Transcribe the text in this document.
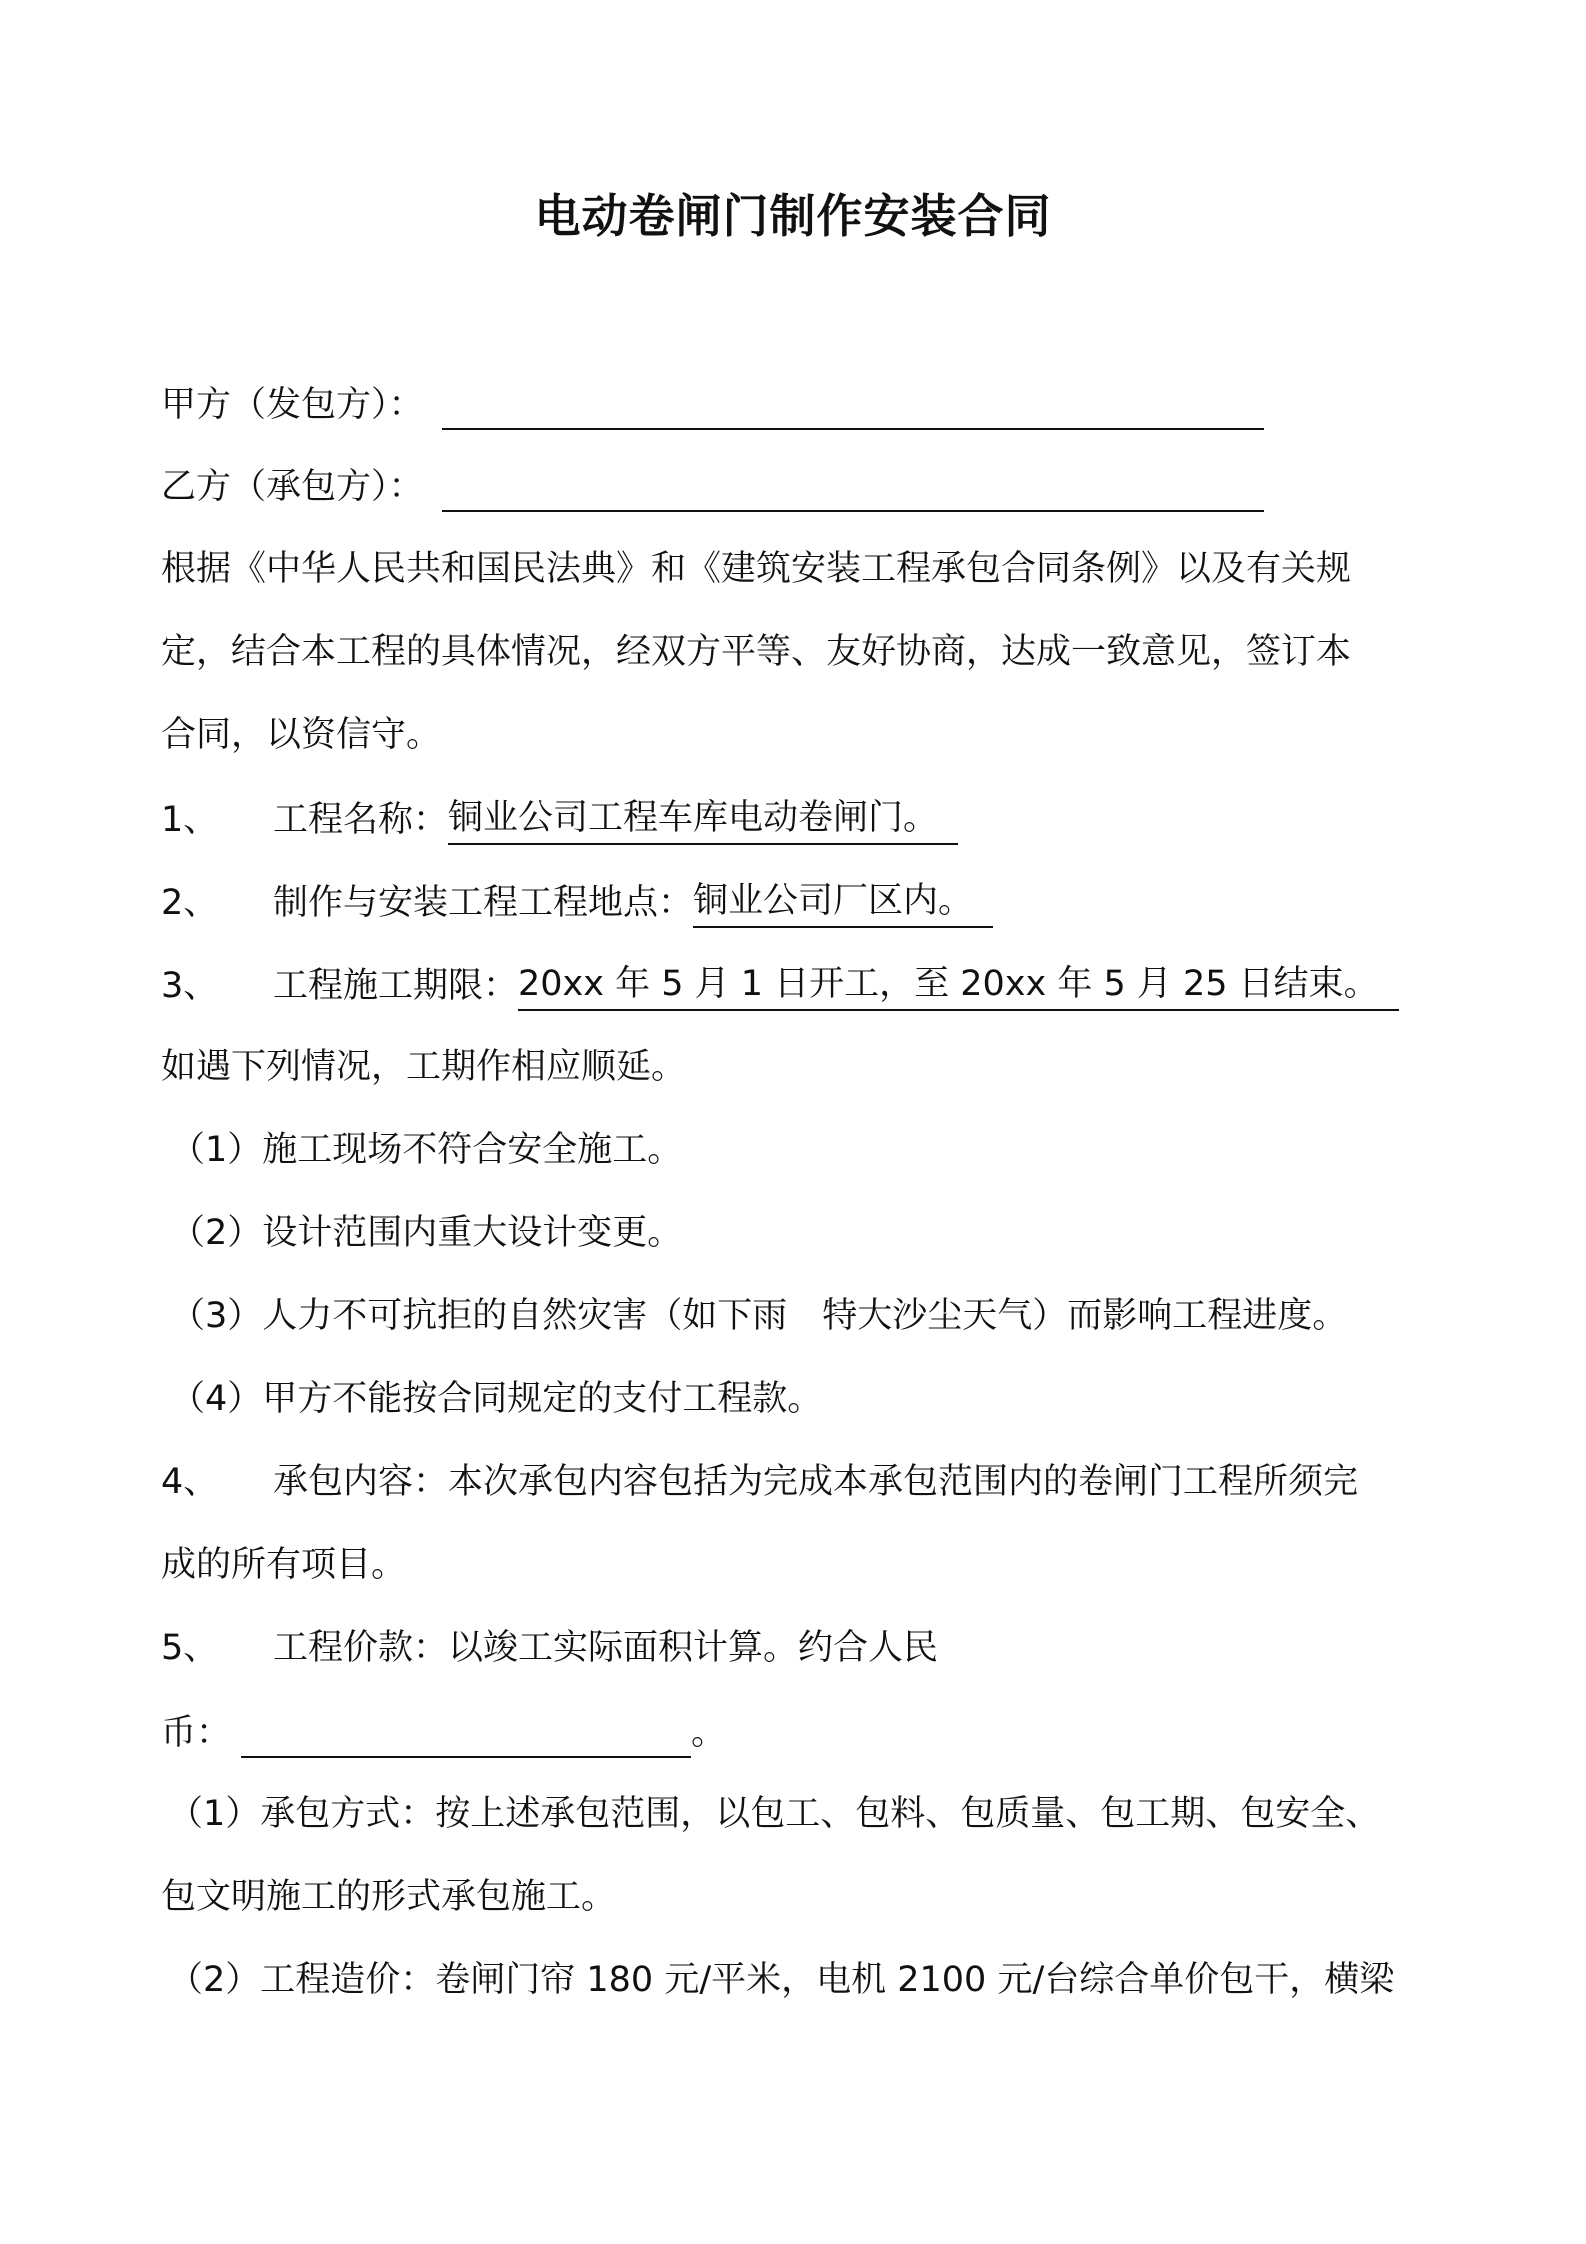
电动卷闸门制作安装合同
甲方（发包方）：
乙方（承包方）：
根据《中华人民共和国民法典》和《建筑安装工程承包合同条例》以及有关规
定，结合本工程的具体情况，经双方平等、友好协商，达成一致意见，签订本
合同，以资信守。
1、 工程名称：铜业公司工程车库电动卷闸门。
2、 制作与安装工程工程地点：铜业公司厂区内。
3、 工程施工期限：20xx 年 5 月 1 日开工，至 20xx 年 5 月 25 日结束。
如遇下列情况，工期作相应顺延。
（1）施工现场不符合安全施工。
（2）设计范围内重大设计变更。
（3）人力不可抗拒的自然灾害（如下雨　特大沙尘天气）而影响工程进度。
（4）甲方不能按合同规定的支付工程款。
4、 承包内容：本次承包内容包括为完成本承包范围内的卷闸门工程所须完
成的所有项目。
5、 工程价款：以竣工实际面积计算。约合人民
币：	。
（1）承包方式：按上述承包范围，以包工、包料、包质量、包工期、包安全、
包文明施工的形式承包施工。
（2）工程造价：卷闸门帘 180 元/平米，电机 2100 元/台综合单价包干，横梁
